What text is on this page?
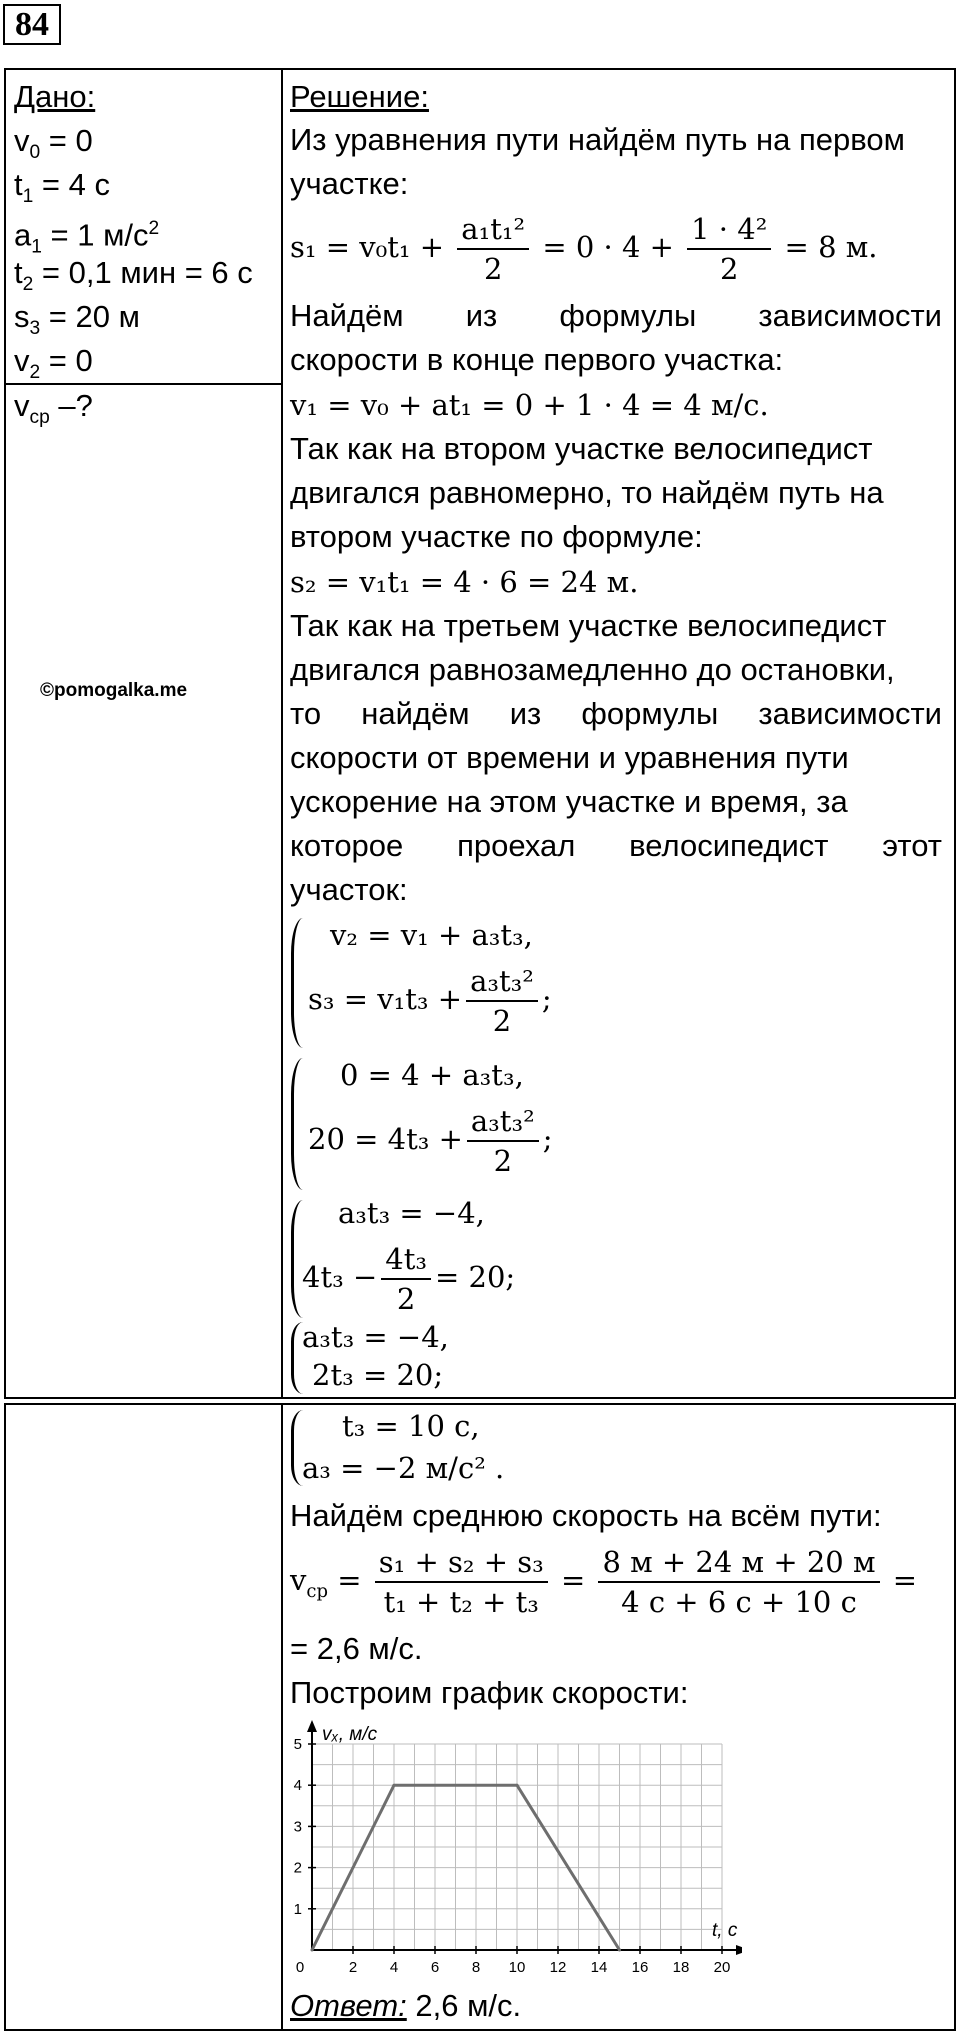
84
Дано:
$v_0 = 0$
$t_1 = 4$ с
$a_1 = 1$ $м/с^2$
$t_2 = 0,1$ мин = 6 с
$s_3 = 20$ м
$v_2 = 0$
$v_{ср}$ –?
©pomogalka.me
Решение:
Из уравнения пути найдём путь на первом
участке:
$s_1 = v_0t_1 + \frac{\text{a₁t₁²}}{2} = 0 \cdot 4 + \frac{\text{1 · 4²}}{2} = 8$ м.
Найдём из формулы зависимости
скорости в конце первого участка:
v₁ = v₀ + at₁ = 0 + 1 · 4 = 4 м/с.
Так как на втором участке велосипедист
двигался равномерно, то найдём путь на
втором участке по формуле:
s₂ = v₁t₁ = 4 · 6 = 24 м.
Так как на третьем участке велосипедист
двигался равнозамедленно до остановки,
то найдём из формулы зависимости
скорости от времени и уравнения пути
ускорение на этом участке и время, за
которое проехал велосипедист этот
участок:
v₂ = v₁ + a₃t₃,
$s_3 = v_1t_3 + \frac{\text{a₃t₃²}}{2}$ ;
0 = 4 + a₃t₃,
$20 = 4t_3 + \frac{\text{a₃t₃²}}{2}$ ;
a₃t₃ = −4,
$4t_3 - \frac{\text{4t₃}}{2} = 20$;
a₃t₃ = −4,
2t₃ = 20;
t₃ = 10 с,
a₃ = −2 м/с² .
Найдём среднюю скорость на всём пути:
$v_{ср} = \frac{\text{s₁ + s₂ + s₃}}{\text{t₁ + t₂ + t₃}} = \frac{8 м + 24 м + 20 м}{4 с + 6 с + 10 с}$ =
= 2,6 м/с.
Построим график скорости:
0	2 4 6 8 10 12 14 16 18 20
1
2
3
4
5 vₓ, м/с
t, с
Ответ: 2,6 м/с.
